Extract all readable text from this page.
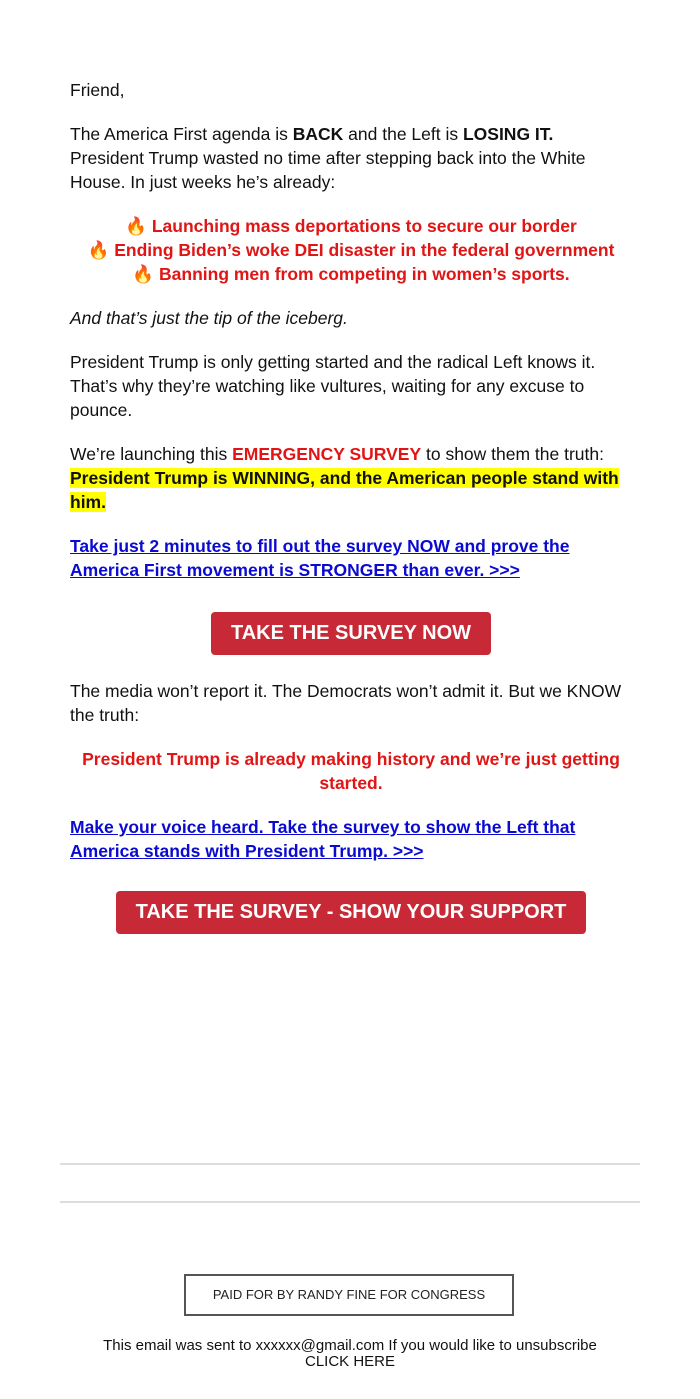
Friend,

The America First agenda is BACK and the Left is LOSING IT. President Trump wasted no time after stepping back into the White House. In just weeks he’s already:

🔥 Launching mass deportations to secure our border
🔥 Ending Biden’s woke DEI disaster in the federal government
🔥 Banning men from competing in women’s sports.

And that’s just the tip of the iceberg.

President Trump is only getting started and the radical Left knows it. That’s why they’re watching like vultures, waiting for any excuse to pounce.

We’re launching this EMERGENCY SURVEY to show them the truth: President Trump is WINNING, and the American people stand with him.

Take just 2 minutes to fill out the survey NOW and prove the America First movement is STRONGER than ever. >>>

TAKE THE SURVEY NOW

The media won’t report it. The Democrats won’t admit it. But we KNOW the truth:

President Trump is already making history and we’re just getting started.

Make your voice heard. Take the survey to show the Left that America stands with President Trump. >>>

TAKE THE SURVEY - SHOW YOUR SUPPORT
PAID FOR BY RANDY FINE FOR CONGRESS
This email was sent to xxxxxx@gmail.com If you would like to unsubscribe CLICK HERE
